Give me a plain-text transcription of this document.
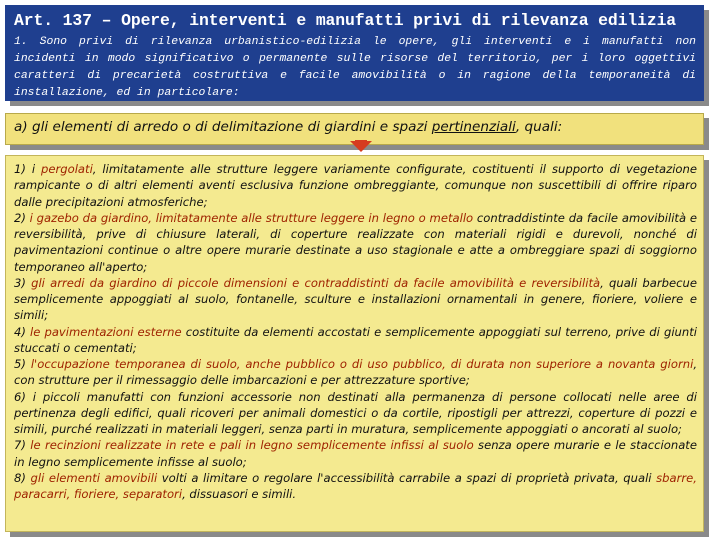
Art. 137 – Opere, interventi e manufatti privi di rilevanza edilizia

1. Sono privi di rilevanza urbanistico-edilizia le opere, gli interventi e i manufatti non incidenti in modo significativo o permanente sulle risorse del territorio, per i loro oggettivi caratteri di precarietà costruttiva e facile amovibilità o in ragione della temporaneità di installazione, ed in particolare:

a) gli elementi di arredo o di delimitazione di giardini e spazi pertinenziali, quali:

1) i pergolati, limitatamente alle strutture leggere variamente configurate, costituenti il supporto di vegetazione rampicante o di altri elementi aventi esclusiva funzione ombreggiante, comunque non suscettibili di offrire riparo dalle precipitazioni atmosferiche;

2) i gazebo da giardino, limitatamente alle strutture leggere in legno o metallo contraddistinte da facile amovibilità e reversibilità, prive di chiusure laterali, di coperture realizzate con materiali rigidi e durevoli, nonché di pavimentazioni continue o altre opere murarie destinate a uso stagionale e atte a ombreggiare spazi di soggiorno temporaneo all'aperto;

3) gli arredi da giardino di piccole dimensioni e contraddistinti da facile amovibilità e reversibilità, quali barbecue semplicemente appoggiati al suolo, fontanelle, sculture e installazioni ornamentali in genere, fioriere, voliere e simili;

4) le pavimentazioni esterne costituite da elementi accostati e semplicemente appoggiati sul terreno, prive di giunti stuccati o cementati;

5) l'occupazione temporanea di suolo, anche pubblico o di uso pubblico, di durata non superiore a novanta giorni, con strutture per il rimessaggio delle imbarcazioni e per attrezzature sportive;

6) i piccoli manufatti con funzioni accessorie non destinati alla permanenza di persone collocati nelle aree di pertinenza degli edifici, quali ricoveri per animali domestici o da cortile, ripostigli per attrezzi, coperture di pozzi e simili, purché realizzati in materiali leggeri, senza parti in muratura, semplicemente appoggiati o ancorati al suolo;

7) le recinzioni realizzate in rete e pali in legno semplicemente infissi al suolo senza opere murarie e le staccionate in legno semplicemente infisse al suolo;

8) gli elementi amovibili volti a limitare o regolare l'accessibilità carrabile a spazi di proprietà privata, quali sbarre, paracarri, fioriere, separatori, dissuasori e simili.
